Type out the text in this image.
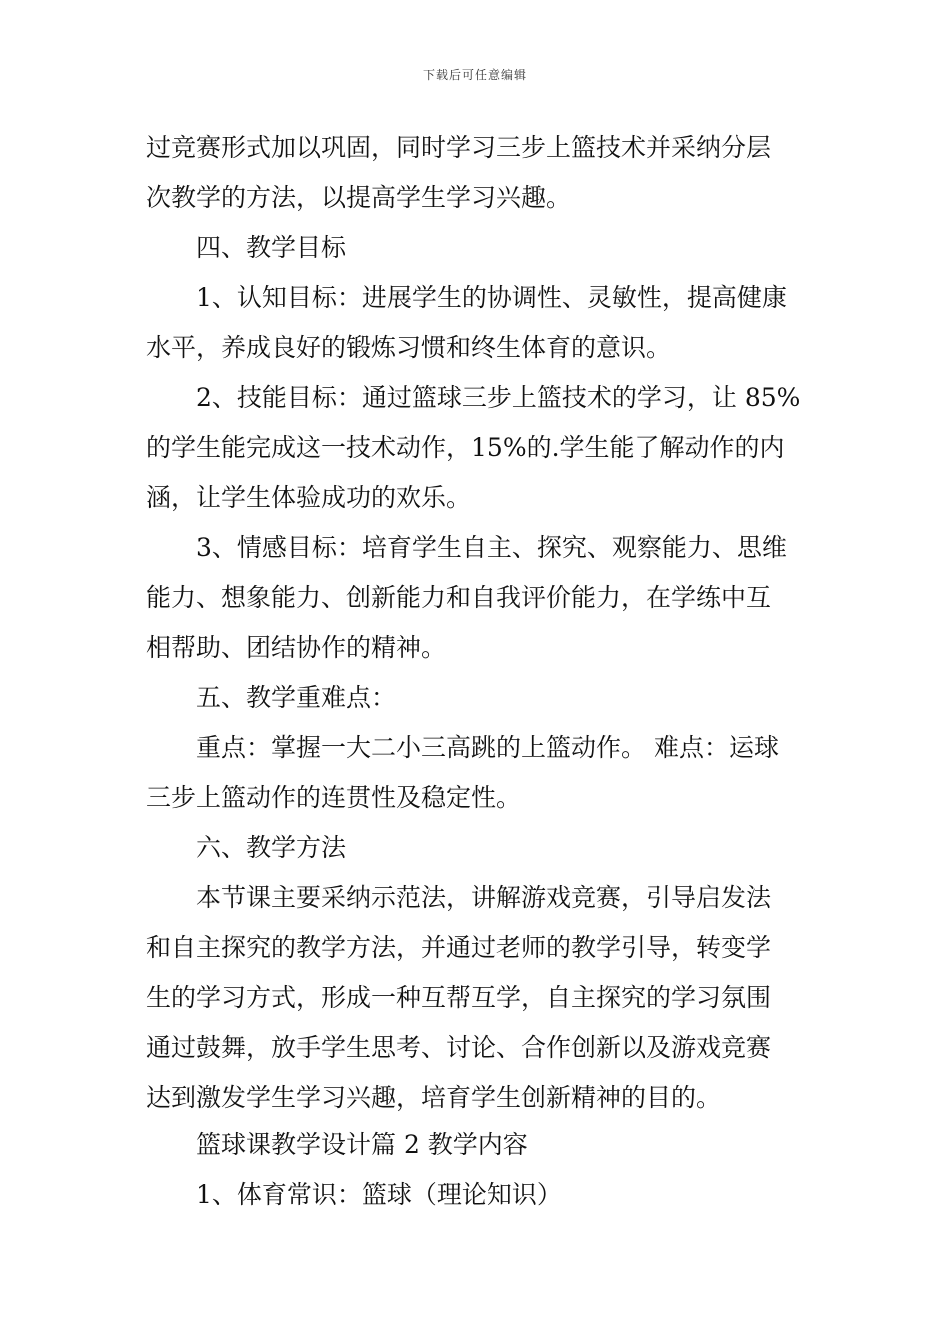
下载后可任意编辑
过竞赛形式加以巩固，同时学习三步上篮技术并采纳分层
次教学的方法，以提高学生学习兴趣。
四、教学目标
1、认知目标：进展学生的协调性、灵敏性，提高健康
水平，养成良好的锻炼习惯和终生体育的意识。
2、技能目标：通过篮球三步上篮技术的学习，让 85%
的学生能完成这一技术动作，15%的.学生能了解动作的内
涵，让学生体验成功的欢乐。
3、情感目标：培育学生自主、探究、观察能力、思维
能力、想象能力、创新能力和自我评价能力，在学练中互
相帮助、团结协作的精神。
五、教学重难点：
重点：掌握一大二小三高跳的上篮动作。 难点：运球
三步上篮动作的连贯性及稳定性。
六、教学方法
本节课主要采纳示范法，讲解游戏竞赛，引导启发法
和自主探究的教学方法，并通过老师的教学引导，转变学
生的学习方式，形成一种互帮互学，自主探究的学习氛围
通过鼓舞，放手学生思考、讨论、合作创新以及游戏竞赛
达到激发学生学习兴趣，培育学生创新精神的目的。
篮球课教学设计篇 2 教学内容
1、体育常识：篮球（理论知识）
